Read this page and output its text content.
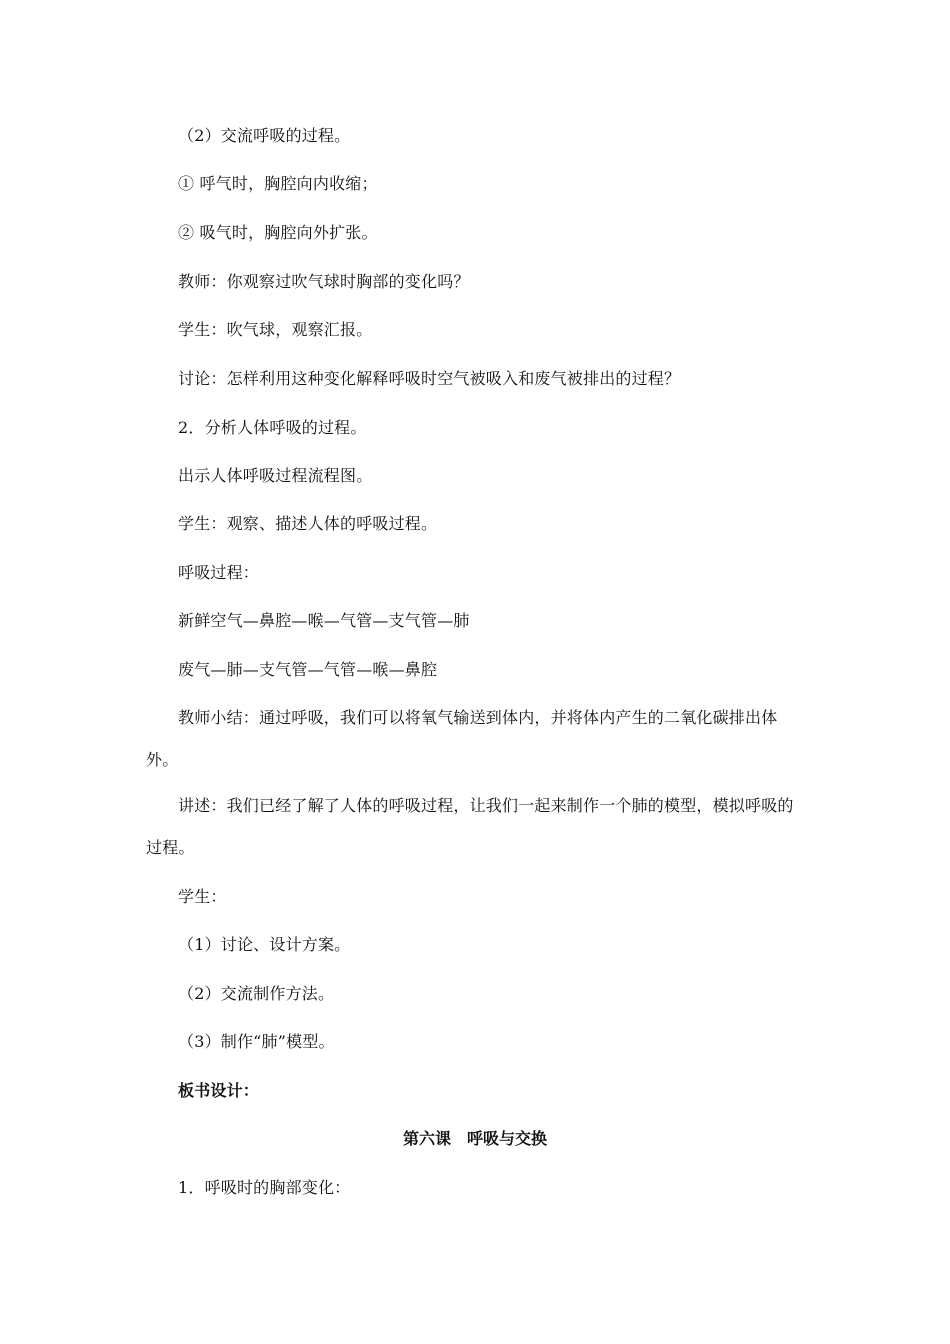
（2）交流呼吸的过程。
① 呼气时，胸腔向内收缩；
② 吸气时，胸腔向外扩张。
教师：你观察过吹气球时胸部的变化吗？
学生：吹气球，观察汇报。
讨论：怎样利用这种变化解释呼吸时空气被吸入和废气被排出的过程？
2．分析人体呼吸的过程。
出示人体呼吸过程流程图。
学生：观察、描述人体的呼吸过程。
呼吸过程：
新鲜空气—鼻腔—喉—气管—支气管—肺
废气—肺—支气管—气管—喉—鼻腔
教师小结：通过呼吸，我们可以将氧气输送到体内，并将体内产生的二氧化碳排出体外。
讲述：我们已经了解了人体的呼吸过程，让我们一起来制作一个肺的模型，模拟呼吸的过程。
学生：
（1）讨论、设计方案。
（2）交流制作方法。
（3）制作“肺”模型。
板书设计：
第六课　呼吸与交换
1．呼吸时的胸部变化：
